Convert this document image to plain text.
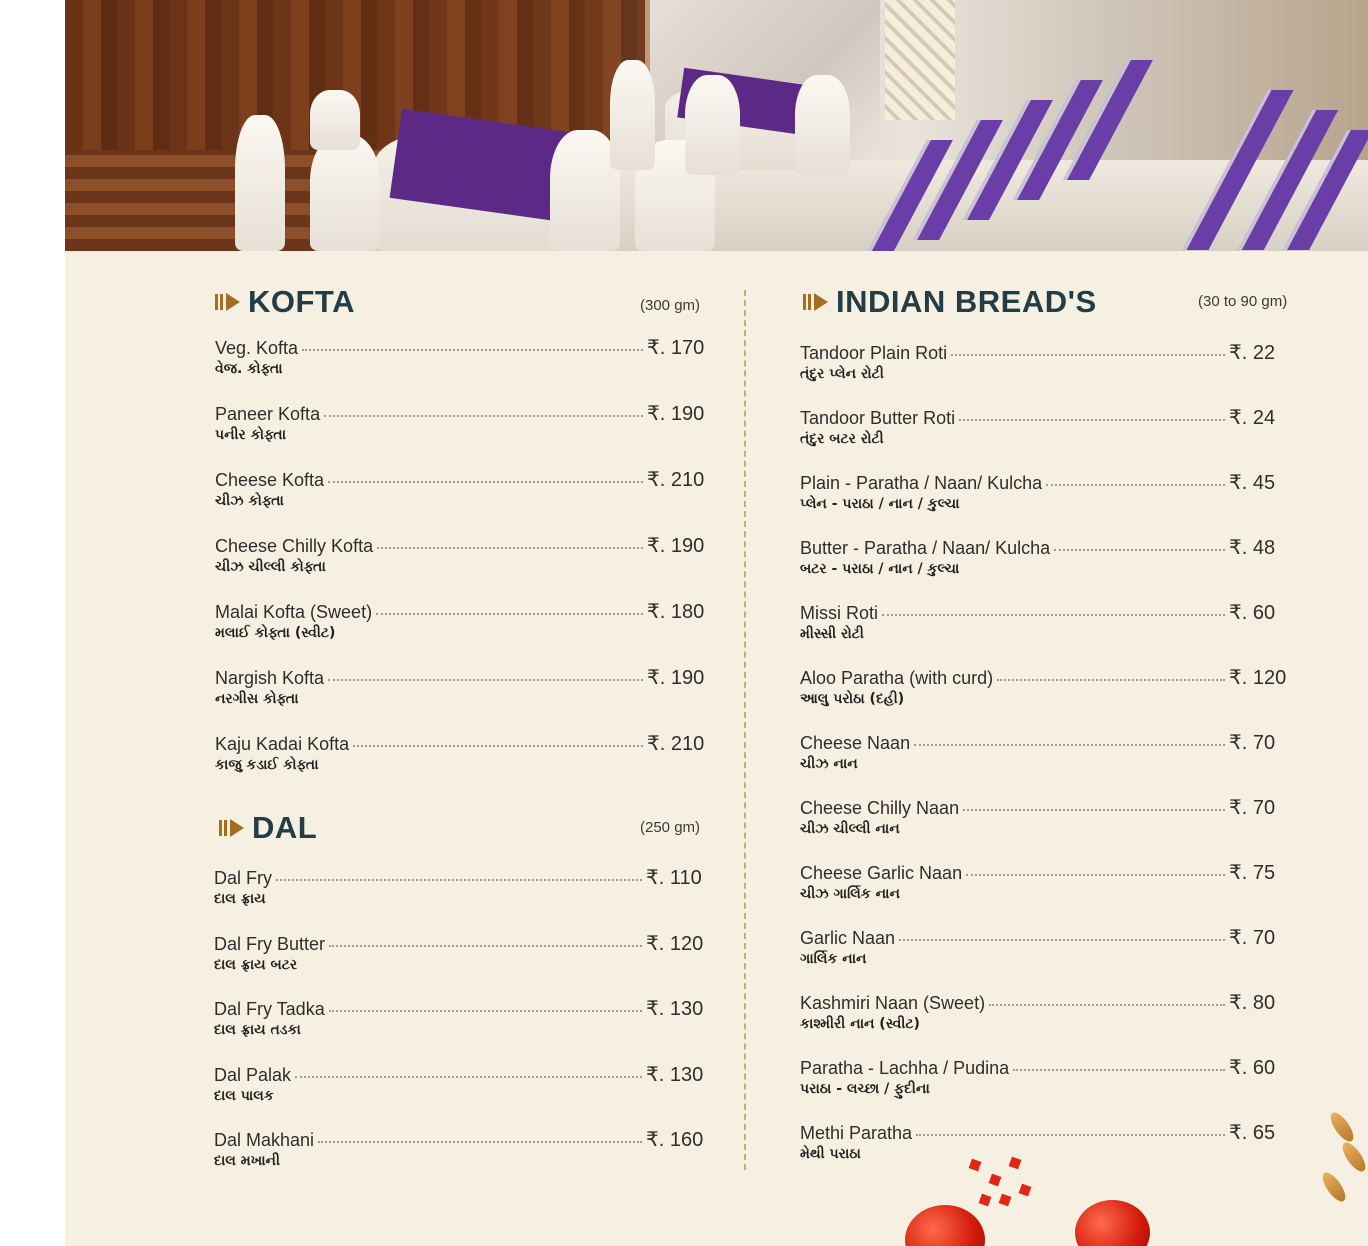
KOFTA	(300 gm)
Veg. Kofta	₹. 170
વેજ. કોફ્તા
Paneer Kofta	₹. 190
પનીર કોફ્તા
Cheese Kofta	₹. 210
ચીઝ કોફ્તા
Cheese Chilly Kofta	₹. 190
ચીઝ ચીલ્લી કોફ્તા
Malai Kofta (Sweet)	₹. 180
મલાઈ કોફ્તા (સ્વીટ)
Nargish Kofta	₹. 190
નરગીસ કોફ્તા
Kaju Kadai Kofta	₹. 210
કાજુ કડાઈ કોફ્તા
DAL	(250 gm)
Dal Fry	₹. 110
દાલ ફ્રાય
Dal Fry Butter	₹. 120
દાલ ફ્રાય બટર
Dal Fry Tadka	₹. 130
દાલ ફ્રાય તડકા
Dal Palak	₹. 130
દાલ પાલક
Dal Makhani	₹. 160
દાલ મખાની
INDIAN BREAD'S	(30 to 90 gm)
Tandoor Plain Roti	₹. 22
તંદુર પ્લેન રોટી
Tandoor Butter Roti	₹. 24
તંદુર બટર રોટી
Plain - Paratha / Naan/ Kulcha	₹. 45
પ્લેન - પરાઠા / નાન / કુલ્ચા
Butter - Paratha / Naan/ Kulcha	₹. 48
બટર - પરાઠા / નાન / કુલ્ચા
Missi Roti	₹. 60
મીસ્સી રોટી
Aloo Paratha (with curd)	₹. 120
આલુ પરોઠા (દહી)
Cheese Naan	₹. 70
ચીઝ નાન
Cheese Chilly Naan	₹. 70
ચીઝ ચીલ્લી નાન
Cheese Garlic Naan	₹. 75
ચીઝ ગાર્લિક નાન
Garlic Naan	₹. 70
ગાર્લિક નાન
Kashmiri Naan (Sweet)	₹. 80
કાશ્મીરી નાન (સ્વીટ)
Paratha - Lachha / Pudina	₹. 60
પરાઠા - લચ્છા / ફુદીના
Methi Paratha	₹. 65
મેથી પરાઠા
